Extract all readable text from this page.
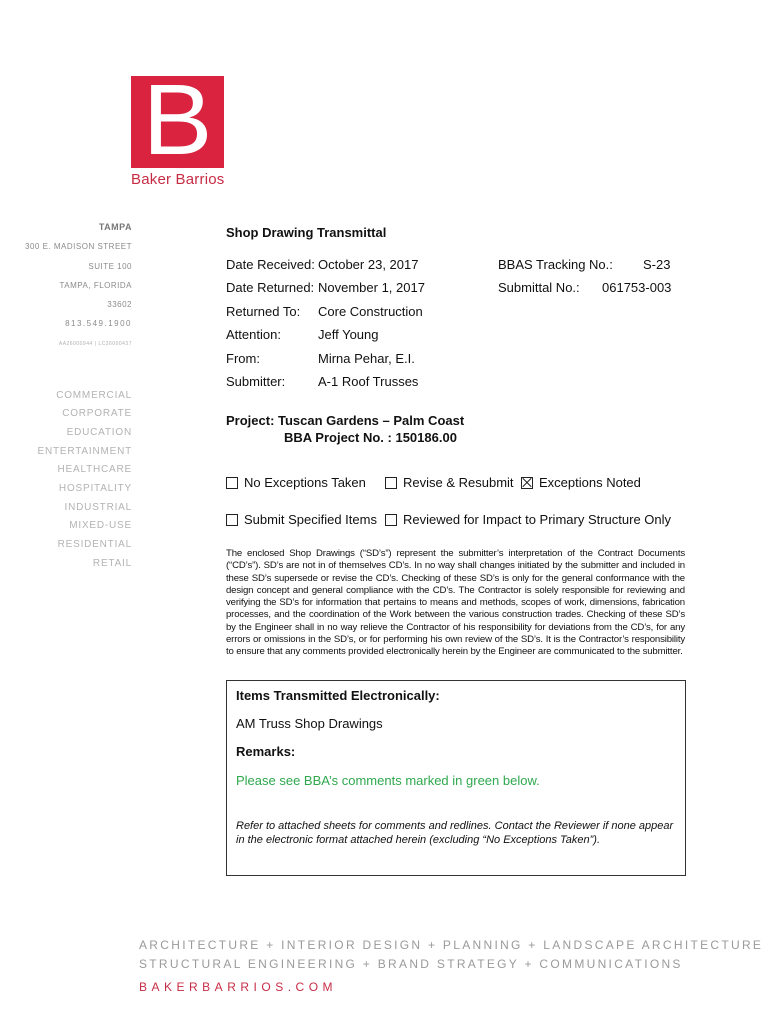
B
Baker Barrios
TAMPA
300 E. MADISON STREET
SUITE 100
TAMPA, FLORIDA
33602
813.549.1900
AA26000944 | LC26000437
COMMERCIAL
CORPORATE
EDUCATION
ENTERTAINMENT
HEALTHCARE
HOSPITALITY
INDUSTRIAL
MIXED-USE
RESIDENTIAL
RETAIL
Shop Drawing Transmittal
Date Received: October 23, 2017
Date Returned: November 1, 2017
Returned To: Core Construction
Attention:	Jeff Young
From:	Mirna Pehar, E.I.
Submitter:	A-1 Roof Trusses
BBAS Tracking No.: S-23
Submittal No.: 061753-003
Project: Tuscan Gardens – Palm Coast
BBA Project No. : 150186.00
No Exceptions Taken	Revise & Resubmit Exceptions Noted
Submit Specified Items Reviewed for Impact to Primary Structure Only
The enclosed Shop Drawings (“SD’s”) represent the submitter’s interpretation of the Contract Documents (“CD’s”). SD’s are not in of themselves CD’s. In no way shall changes initiated by the submitter and included in these SD’s supersede or revise the CD’s. Checking of these SD’s is only for the general conformance with the design concept and general compliance with the CD’s. The Contractor is solely responsible for reviewing and verifying the SD’s for information that pertains to means and methods, scopes of work, dimensions, fabrication processes, and the coordination of the Work between the various construction trades. Checking of these SD’s by the Engineer shall in no way relieve the Contractor of his responsibility for deviations from the CD’s, for any errors or omissions in the SD’s, or for performing his own review of the SD’s. It is the Contractor’s responsibility to ensure that any comments provided electronically herein by the Engineer are communicated to the submitter.
Items Transmitted Electronically:
AM Truss Shop Drawings
Remarks:
Please see BBA’s comments marked in green below.
Refer to attached sheets for comments and redlines. Contact the Reviewer if none appear in the electronic format attached herein (excluding “No Exceptions Taken”).
ARCHITECTURE + INTERIOR DESIGN + PLANNING + LANDSCAPE ARCHITECTURE
STRUCTURAL ENGINEERING + BRAND STRATEGY + COMMUNICATIONS
BAKERBARRIOS.COM
